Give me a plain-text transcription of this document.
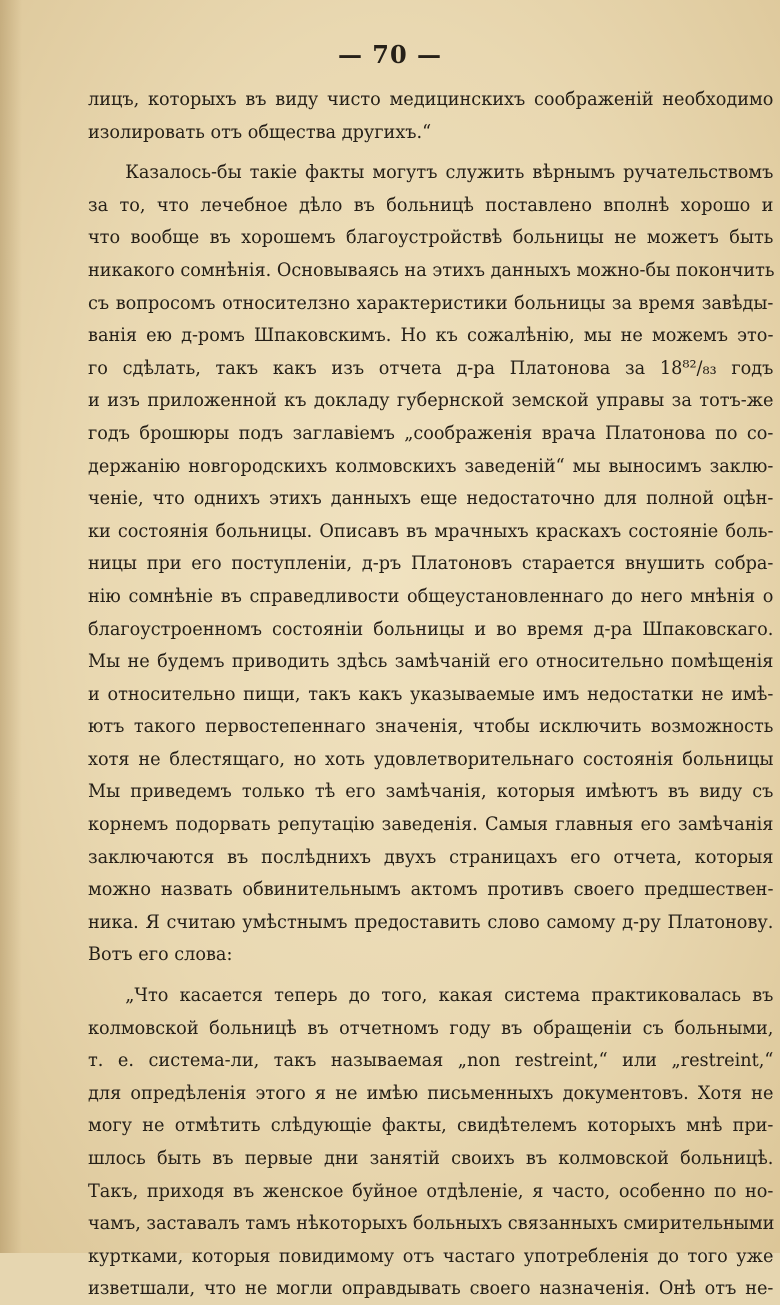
— 70 —
лицъ, которыхъ въ виду чисто медицинскихъ соображенiй необходимо
изолировать отъ общества другихъ.“
Казалось-бы такiе факты могутъ служить вѣрнымъ ручательствомъ
за то, что лечебное дѣло въ больницѣ поставлено вполнѣ хорошо и
что вообще въ хорошемъ благоустройствѣ больницы не можетъ быть
никакого сомнѣнiя. Основываясь на этихъ данныхъ можно-бы покончить
съ вопросомъ относителзно характеристики больницы за время завѣды-
ванiя ею д-ромъ Шпаковскимъ. Но къ сожалѣнiю, мы не можемъ это-
го сдѣлать, такъ какъ изъ отчета д-ра Платонова за 18⁸²/₈₃ годъ
и изъ приложенной къ докладу губернской земской управы за тотъ-же
годъ брошюры подъ заглавiемъ „соображенiя врача Платонова по со-
держанiю новгородскихъ колмовскихъ заведенiй“ мы выносимъ заклю-
ченiе, что однихъ этихъ данныхъ еще недостаточно для полной оцѣн-
ки состоянiя больницы. Описавъ въ мрачныхъ краскахъ состоянiе боль-
ницы при его поступленiи, д-ръ Платоновъ старается внушить собра-
нiю сомнѣнiе въ справедливости общеустановленнаго до него мнѣнiя о
благоустроенномъ состоянiи больницы и во время д-ра Шпаковскаго.
Мы не будемъ приводить здѣсь замѣчанiй его относительно помѣщенiя
и относительно пищи, такъ какъ указываемые имъ недостатки не имѣ-
ютъ такого первостепеннаго значенiя, чтобы исключить возможность
хотя не блестящаго, но хоть удовлетворительнаго состоянiя больницы
Мы приведемъ только тѣ его замѣчанiя, которыя имѣютъ въ виду съ
корнемъ подорвать репутацiю заведенiя. Самыя главныя его замѣчанiя
заключаются въ послѣднихъ двухъ страницахъ его отчета, которыя
можно назвать обвинительнымъ актомъ противъ своего предшествен-
ника. Я считаю умѣстнымъ предоставить слово самому д-ру Платонову.
Вотъ его слова:
„Что касается теперь до того, какая система практиковалась въ
колмовской больницѣ въ отчетномъ году въ обращенiи съ больными,
т. е. система-ли, такъ называемая „non restreint,“ или „restreint,“
для опредѣленiя этого я не имѣю письменныхъ документовъ. Хотя не
могу не отмѣтить слѣдующiе факты, свидѣтелемъ которыхъ мнѣ при-
шлось быть въ первые дни занятiй своихъ въ колмовской больницѣ.
Такъ, приходя въ женское буйное отдѣленiе, я часто, особенно по но-
чамъ, заставалъ тамъ нѣкоторыхъ больныхъ связанныхъ смирительными
куртками, которыя повидимому отъ частаго употребленiя до того уже
изветшали, что не могли оправдывать своего назначенiя. Онѣ отъ не-
